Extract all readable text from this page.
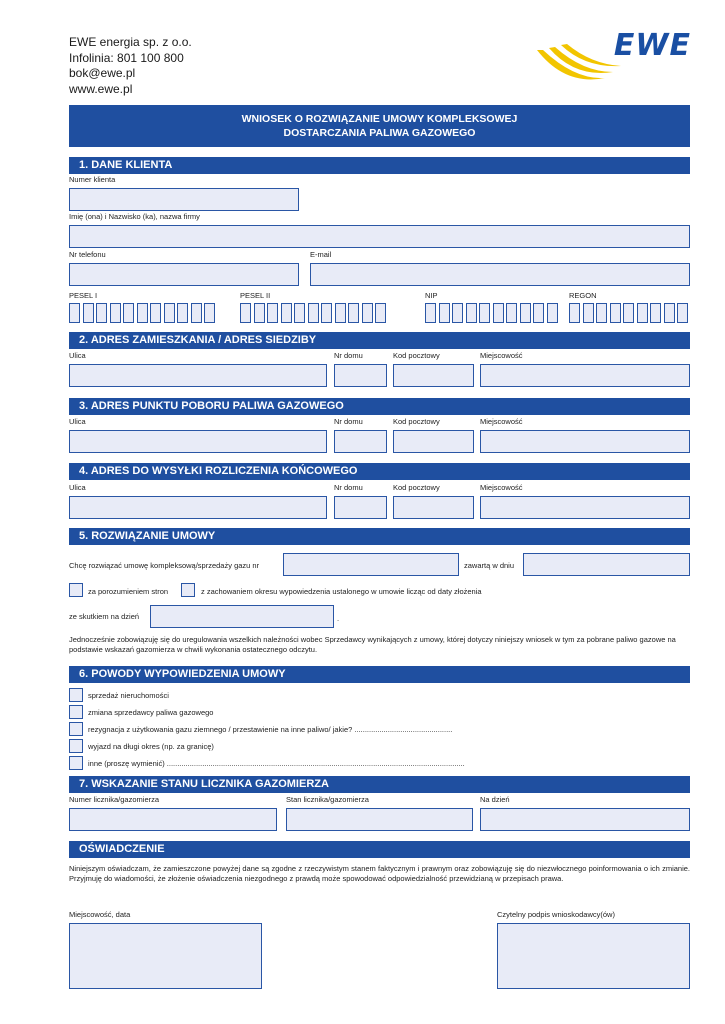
EWE energia sp. z o.o.
Infolinia: 801 100 800
bok@ewe.pl
www.ewe.pl
EWE
WNIOSEK O ROZWIĄZANIE UMOWY KOMPLEKSOWEJ
DOSTARCZANIA PALIWA GAZOWEGO
1. DANE KLIENTA
Numer klienta
Imię (ona) i Nazwisko (ka), nazwa firmy
Nr telefonu	E-mail
PESEL I	PESEL II	NIP	REGON
2. ADRES ZAMIESZKANIA / ADRES SIEDZIBY
Ulica	Nr domu	Kod pocztowy	Miejscowość
3. ADRES PUNKTU POBORU PALIWA GAZOWEGO
Ulica	Nr domu	Kod pocztowy	Miejscowość
4. ADRES DO WYSYŁKI ROZLICZENIA KOŃCOWEGO
Ulica	Nr domu	Kod pocztowy	Miejscowość
5. ROZWIĄZANIE UMOWY
Chcę rozwiązać umowę kompleksową/sprzedaży gazu nr	zawartą w dniu
za porozumieniem stron	z zachowaniem okresu wypowiedzenia ustalonego w umowie licząc od daty złożenia
ze skutkiem na dzień	.
Jednocześnie zobowiązuję się do uregulowania wszelkich należności wobec Sprzedawcy wynikających z umowy, której dotyczy niniejszy wniosek w tym za pobrane paliwo gazowe na podstawie wskazań gazomierza w chwili wykonania ostatecznego odczytu.
6. POWODY WYPOWIEDZENIA UMOWY
sprzedaż nieruchomości
zmiana sprzedawcy paliwa gazowego
rezygnacja z użytkowania gazu ziemnego / przestawienie na inne paliwo/ jakie? ...............................................
wyjazd na długi okres (np. za granicę)
inne (proszę wymienić) ...............................................................................................................................................
7. WSKAZANIE STANU LICZNIKA GAZOMIERZA
Numer licznika/gazomierza	Stan licznika/gazomierza	Na dzień
OŚWIADCZENIE
Niniejszym oświadczam, że zamieszczone powyżej dane są zgodne z rzeczywistym stanem faktycznym i prawnym oraz zobowiązuję się do niezwłocznego poinformowania o ich zmianie. Przyjmuję do wiadomości, że złożenie oświadczenia niezgodnego z prawdą może spowodować odpowiedzialność przewidzianą w przepisach prawa.
Miejscowość, data	Czytelny podpis wnioskodawcy(ów)
